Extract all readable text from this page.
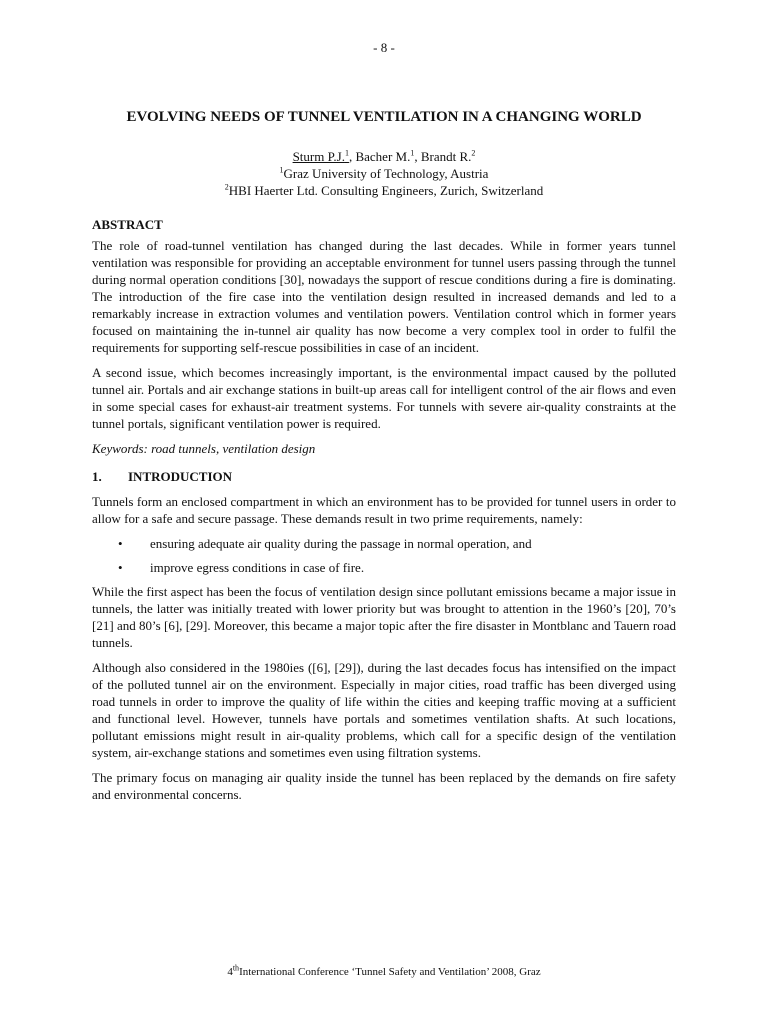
- 8 -
EVOLVING NEEDS OF TUNNEL VENTILATION IN A CHANGING WORLD
Sturm P.J.$^1$, Bacher M.$^1$, Brandt R.$^2$
$^1$Graz University of Technology, Austria
$^2$HBI Haerter Ltd. Consulting Engineers, Zurich, Switzerland
ABSTRACT

The role of road-tunnel ventilation has changed during the last decades. While in former years tunnel ventilation was responsible for providing an acceptable environment for tunnel users passing through the tunnel during normal operation conditions [30], nowadays the support of rescue conditions during a fire is dominating. The introduction of the fire case into the ventilation design resulted in increased demands and led to a remarkably increase in extraction volumes and ventilation powers. Ventilation control which in former years focused on maintaining the in-tunnel air quality has now become a very complex tool in order to fulfil the requirements for supporting self-rescue possibilities in case of an incident.

A second issue, which becomes increasingly important, is the environmental impact caused by the polluted tunnel air. Portals and air exchange stations in built-up areas call for intelligent control of the air flows and even in some special cases for exhaust-air treatment systems. For tunnels with severe air-quality constraints at the tunnel portals, significant ventilation power is required.

Keywords: road tunnels, ventilation design

1.	INTRODUCTION

Tunnels form an enclosed compartment in which an environment has to be provided for tunnel users in order to allow for a safe and secure passage. These demands result in two prime requirements, namely:

•	ensuring adequate air quality during the passage in normal operation, and
•	improve egress conditions in case of fire.

While the first aspect has been the focus of ventilation design since pollutant emissions became a major issue in tunnels, the latter was initially treated with lower priority but was brought to attention in the 1960’s [20], 70’s [21] and 80’s [6], [29]. Moreover, this became a major topic after the fire disaster in Montblanc and Tauern road tunnels.

Although also considered in the 1980ies ([6], [29]), during the last decades focus has intensified on the impact of the polluted tunnel air on the environment. Especially in major cities, road traffic has been diverged using road tunnels in order to improve the quality of life within the cities and keeping traffic moving at a sufficient and functional level. However, tunnels have portals and sometimes ventilation shafts. At such locations, pollutant emissions might result in air-quality problems, which call for a specific design of the ventilation system, air-exchange stations and sometimes even using filtration systems.

The primary focus on managing air quality inside the tunnel has been replaced by the demands on fire safety and environmental concerns.

4thInternational Conference ‘Tunnel Safety and Ventilation’ 2008, Graz
